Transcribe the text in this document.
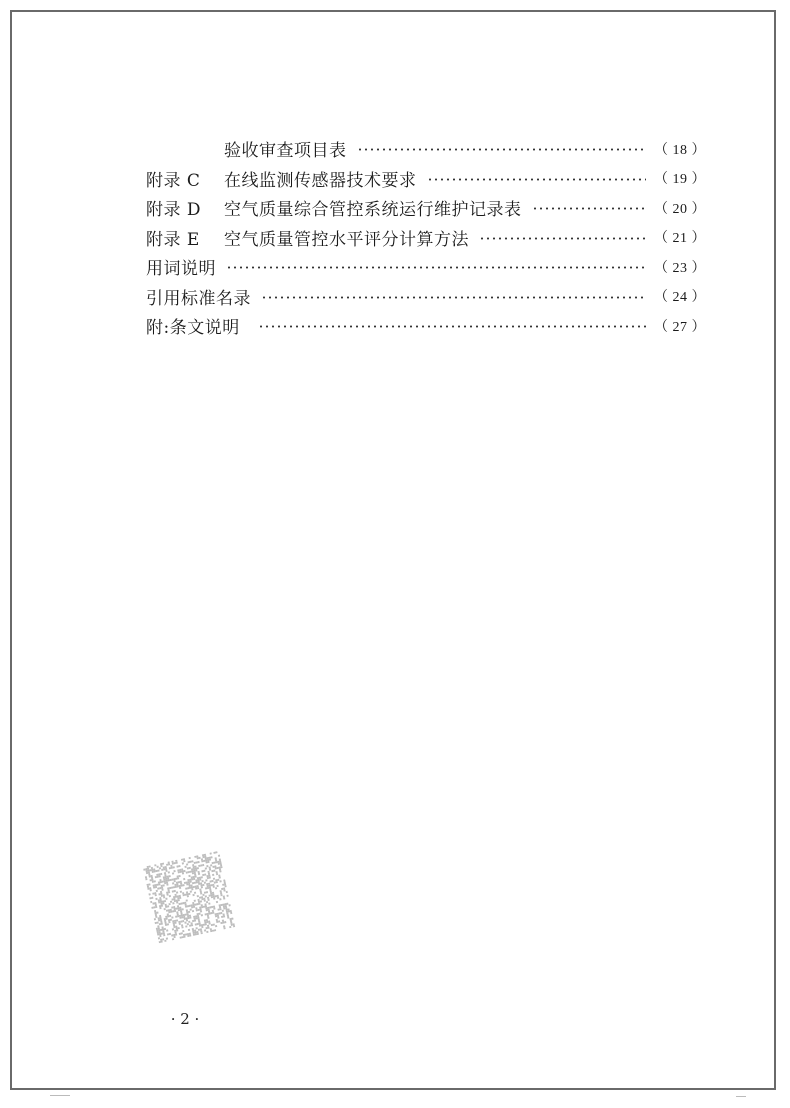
验收审查项目表	（ 18 ）
附录 C 在线监测传感器技术要求	（ 19 ）
附录 D 空气质量综合管控系统运行维护记录表	（ 20 ）
附录 E 空气质量管控水平评分计算方法	（ 21 ）
用词说明	（ 23 ）
引用标准名录	（ 24 ）
附:条文说明	（ 27 ）
· 2 ·
